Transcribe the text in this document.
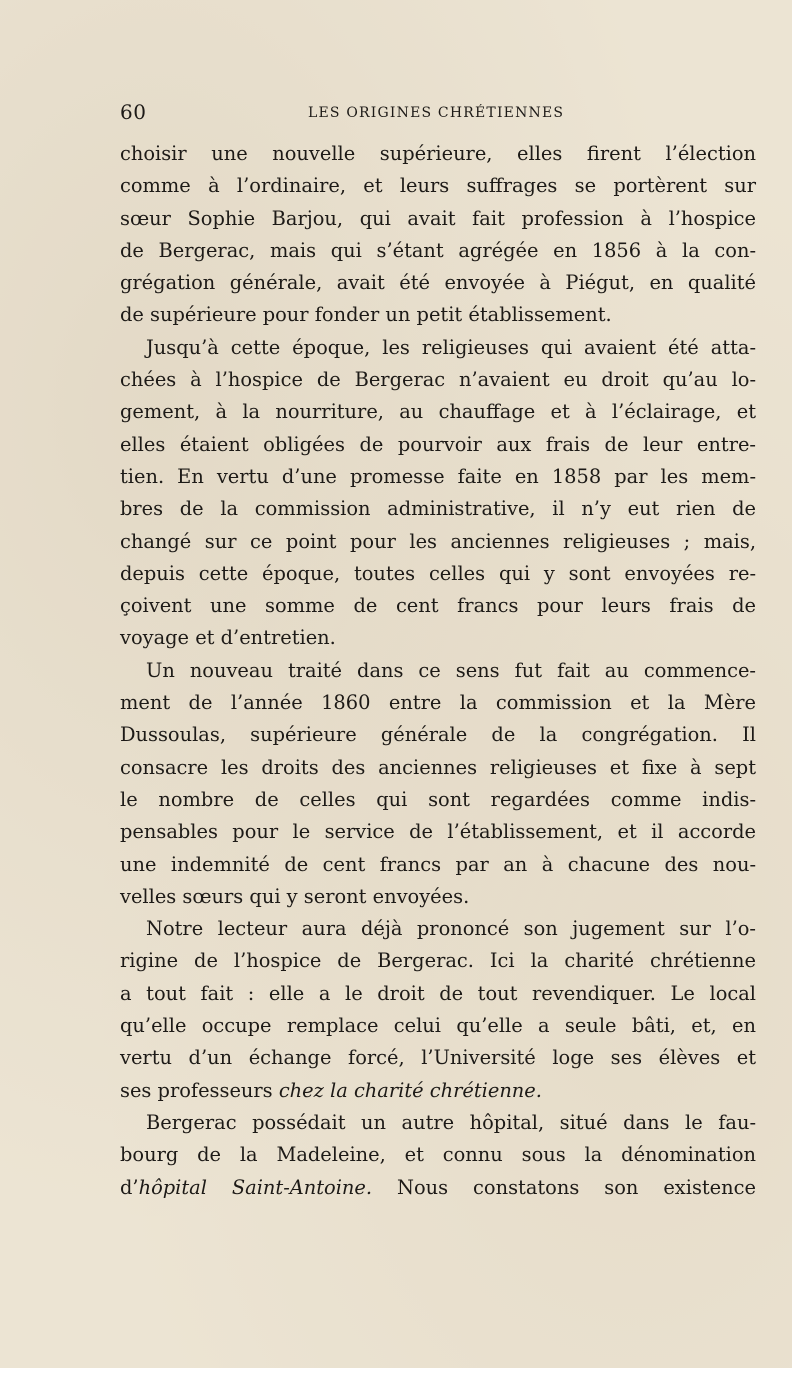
60	LES ORIGINES CHRÉTIENNES
choisir une nouvelle supérieure, elles firent l’élection
comme à l’ordinaire, et leurs suffrages se portèrent sur
sœur Sophie Barjou, qui avait fait profession à l’hospice
de Bergerac, mais qui s’étant agrégée en 1856 à la con-
grégation générale, avait été envoyée à Piégut, en qualité
de supérieure pour fonder un petit établissement.
Jusqu’à cette époque, les religieuses qui avaient été atta-
chées à l’hospice de Bergerac n’avaient eu droit qu’au lo-
gement, à la nourriture, au chauffage et à l’éclairage, et
elles étaient obligées de pourvoir aux frais de leur entre-
tien. En vertu d’une promesse faite en 1858 par les mem-
bres de la commission administrative, il n’y eut rien de
changé sur ce point pour les anciennes religieuses ; mais,
depuis cette époque, toutes celles qui y sont envoyées re-
çoivent une somme de cent francs pour leurs frais de
voyage et d’entretien.
Un nouveau traité dans ce sens fut fait au commence-
ment de l’année 1860 entre la commission et la Mère
Dussoulas, supérieure générale de la congrégation. Il
consacre les droits des anciennes religieuses et fixe à sept
le nombre de celles qui sont regardées comme indis-
pensables pour le service de l’établissement, et il accorde
une indemnité de cent francs par an à chacune des nou-
velles sœurs qui y seront envoyées.
Notre lecteur aura déjà prononcé son jugement sur l’o-
rigine de l’hospice de Bergerac. Ici la charité chrétienne
a tout fait : elle a le droit de tout revendiquer. Le local
qu’elle occupe remplace celui qu’elle a seule bâti, et, en
vertu d’un échange forcé, l’Université loge ses élèves et
ses professeurs chez la charité chrétienne.
Bergerac possédait un autre hôpital, situé dans le fau-
bourg de la Madeleine, et connu sous la dénomination
d’hôpital Saint-Antoine. Nous constatons son existence
